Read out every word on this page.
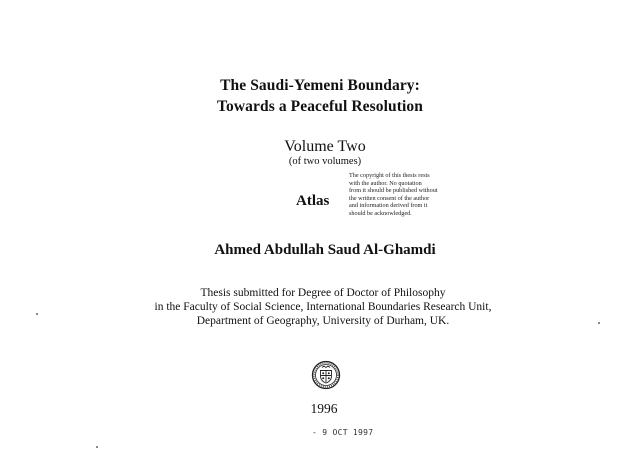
The Saudi-Yemeni Boundary:
Towards a Peaceful Resolution
Volume Two
(of two volumes)
Atlas
The copyright of this thesis rests
with the author. No quotation
from it should be published without
the written consent of the author
and information derived from it
should be acknowledged.
Ahmed Abdullah Saud Al-Ghamdi
Thesis submitted for Degree of Doctor of Philosophy
in the Faculty of Social Science, International Boundaries Research Unit,
Department of Geography, University of Durham, UK.
1996
- 9 OCT 1997
